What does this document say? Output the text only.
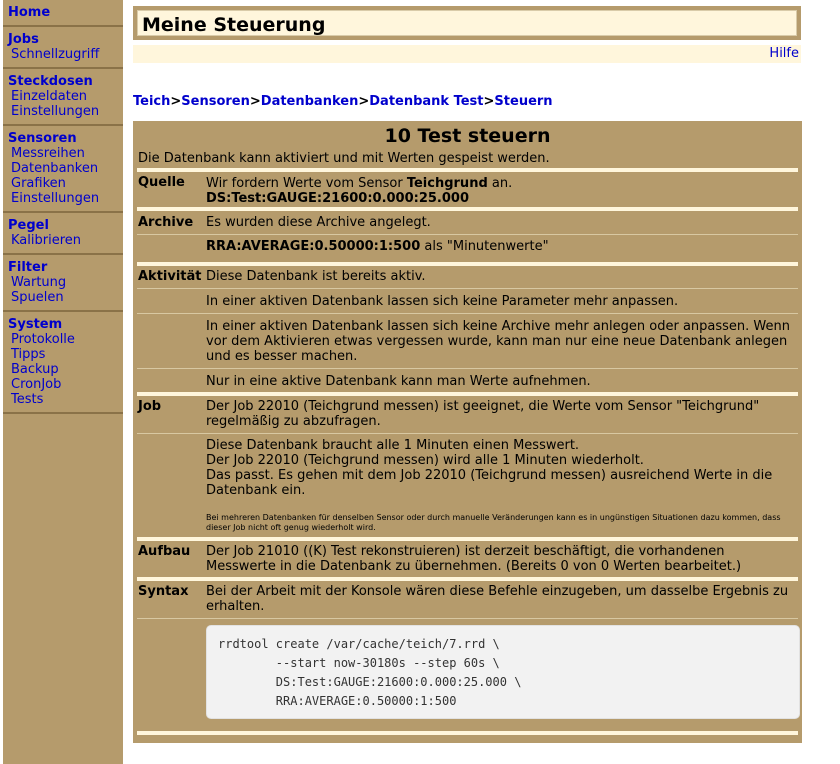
Home
Jobs
Schnellzugriff
Steckdosen
Einzeldaten
Einstellungen
Sensoren
Messreihen
Datenbanken
Grafiken
Einstellungen
Pegel
Kalibrieren
Filter
Wartung
Spuelen
System
Protokolle
Tipps
Backup
CronJob
Tests
Meine Steuerung
Hilfe
Teich>Sensoren>Datenbanken>Datenbank Test>Steuern
10 Test steuern
Die Datenbank kann aktiviert und mit Werten gespeist werden.
Quelle Wir fordern Werte vom Sensor Teichgrund an.
DS:Test:GAUGE:21600:0.000:25.000
Archive Es wurden diese Archive angelegt.
RRA:AVERAGE:0.50000:1:500 als "Minutenwerte"
Aktivität Diese Datenbank ist bereits aktiv.
In einer aktiven Datenbank lassen sich keine Parameter mehr anpassen.
In einer aktiven Datenbank lassen sich keine Archive mehr anlegen oder anpassen. Wenn vor dem Aktivieren etwas vergessen wurde, kann man nur eine neue Datenbank anlegen und es besser machen.
Nur in eine aktive Datenbank kann man Werte aufnehmen.
Job	Der Job 22010 (Teichgrund messen) ist geeignet, die Werte vom Sensor "Teichgrund" regelmäßig zu abzufragen.
Diese Datenbank braucht alle 1 Minuten einen Messwert.
Der Job 22010 (Teichgrund messen) wird alle 1 Minuten wiederholt.
Das passt. Es gehen mit dem Job 22010 (Teichgrund messen) ausreichend Werte in die Datenbank ein.
Bei mehreren Datenbanken für denselben Sensor oder durch manuelle Veränderungen kann es in ungünstigen Situationen dazu kommen, dass dieser Job nicht oft genug wiederholt wird.
Aufbau Der Job 21010 ((K) Test rekonstruieren) ist derzeit beschäftigt, die vorhandenen Messwerte in die Datenbank zu übernehmen. (Bereits 0 von 0 Werten bearbeitet.)
Syntax Bei der Arbeit mit der Konsole wären diese Befehle einzugeben, um dasselbe Ergebnis zu erhalten.
rrdtool create /var/cache/teich/7.rrd \
--start now-30180s --step 60s \
DS:Test:GAUGE:21600:0.000:25.000 \
RRA:AVERAGE:0.50000:1:500
